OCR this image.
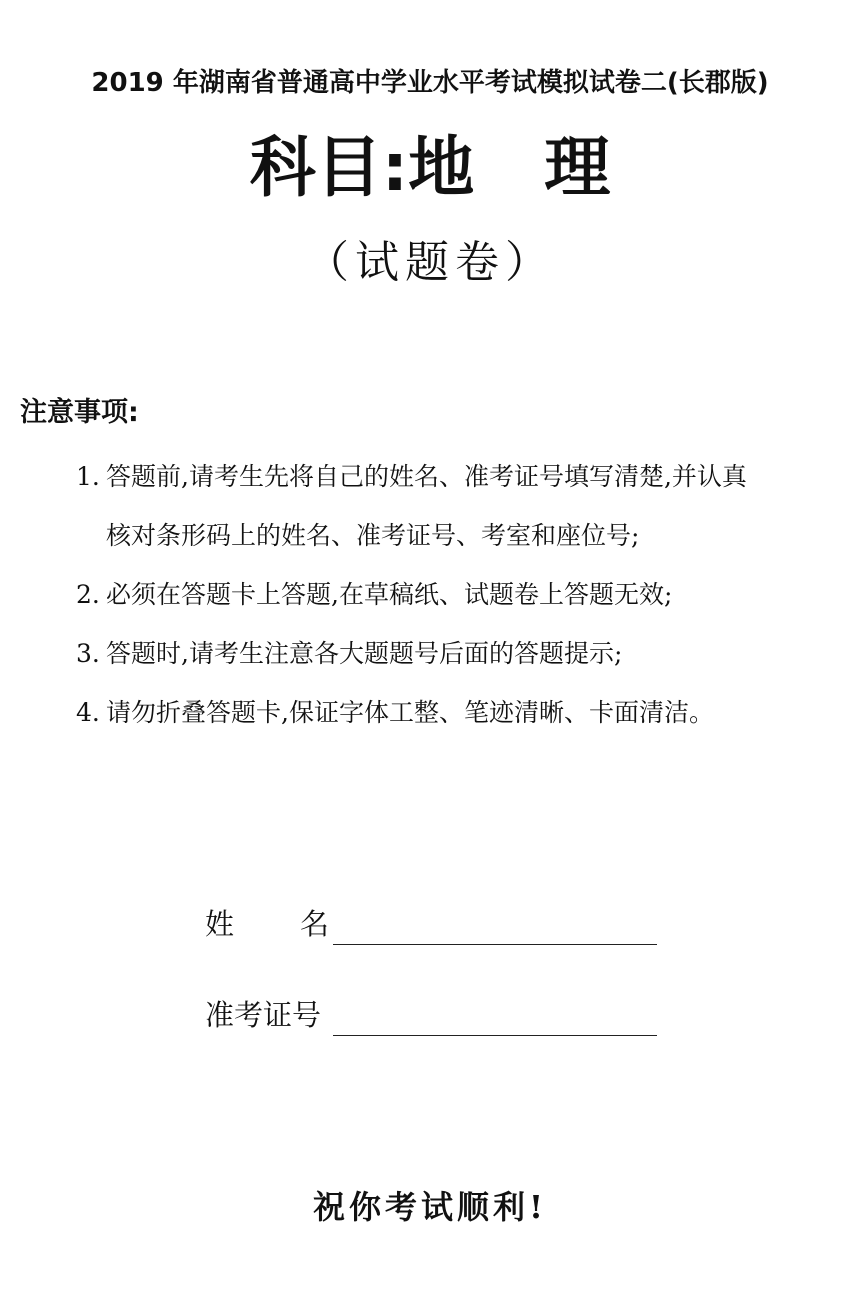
2019 年湖南省普通高中学业水平考试模拟试卷二(长郡版)
科目:地 理
（试题卷）
注意事项:
1. 答题前,请考生先将自己的姓名、准考证号填写清楚,并认真
核对条形码上的姓名、准考证号、考室和座位号;
2. 必须在答题卡上答题,在草稿纸、试题卷上答题无效;
3. 答题时,请考生注意各大题题号后面的答题提示;
4. 请勿折叠答题卡,保证字体工整、笔迹清晰、卡面清洁。
姓 名
准考证号
祝你考试顺利!
